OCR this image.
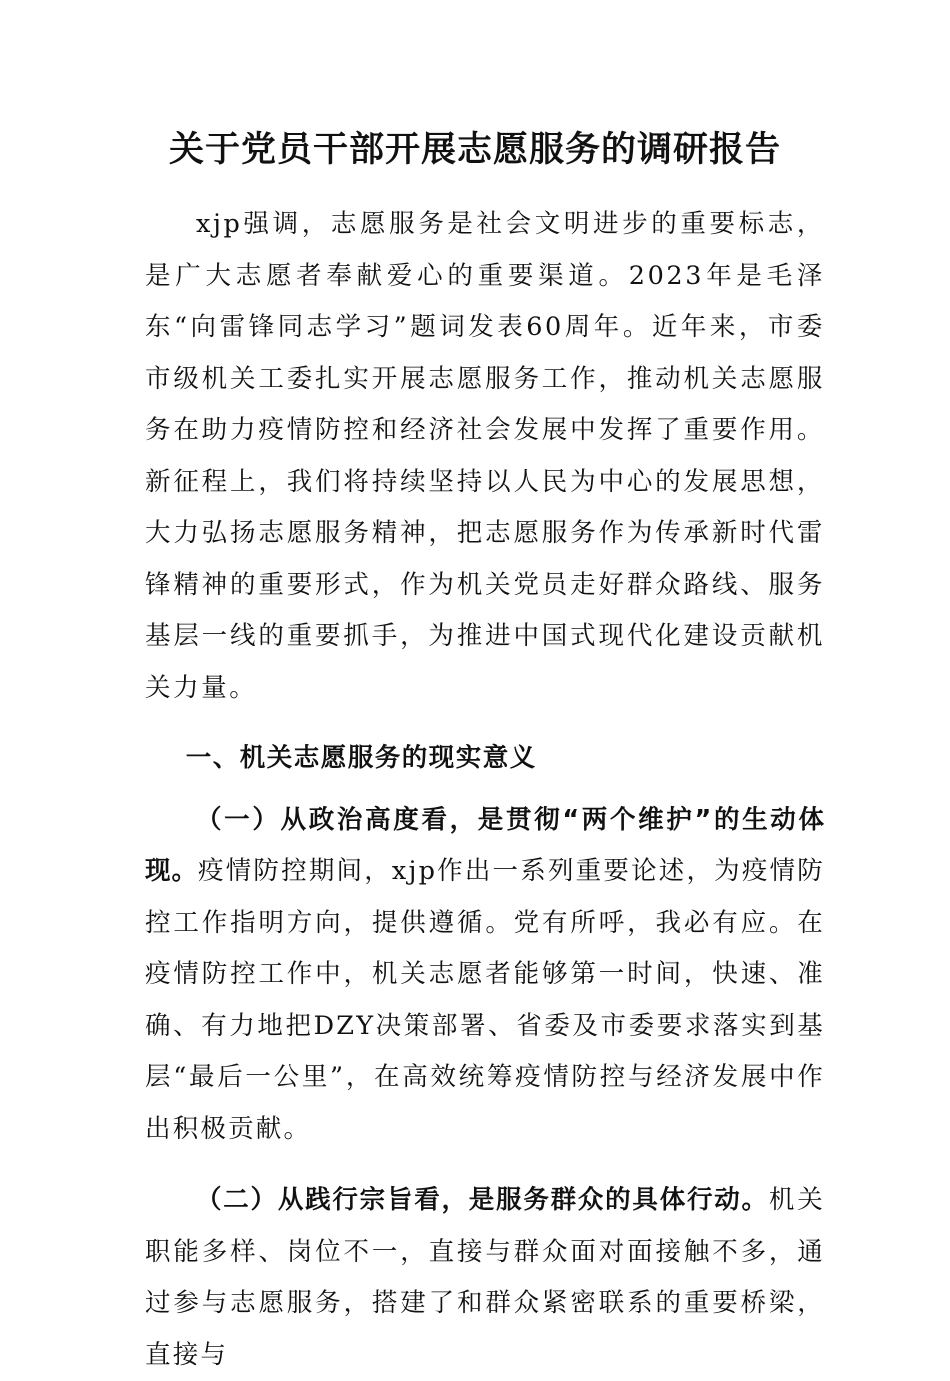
关于党员干部开展志愿服务的调研报告

xjp强调，志愿服务是社会文明进步的重要标志，是广大志愿者奉献爱心的重要渠道。2023年是毛泽东“向雷锋同志学习”题词发表60周年。近年来，市委市级机关工委扎实开展志愿服务工作，推动机关志愿服务在助力疫情防控和经济社会发展中发挥了重要作用。新征程上，我们将持续坚持以人民为中心的发展思想，大力弘扬志愿服务精神，把志愿服务作为传承新时代雷锋精神的重要形式，作为机关党员走好群众路线、服务基层一线的重要抓手，为推进中国式现代化建设贡献机关力量。

一、机关志愿服务的现实意义

（一）从政治高度看，是贯彻“两个维护”的生动体现。疫情防控期间，xjp作出一系列重要论述，为疫情防控工作指明方向，提供遵循。党有所呼，我必有应。在疫情防控工作中，机关志愿者能够第一时间，快速、准确、有力地把DZY决策部署、省委及市委要求落实到基层“最后一公里”，在高效统筹疫情防控与经济发展中作出积极贡献。

（二）从践行宗旨看，是服务群众的具体行动。机关职能多样、岗位不一，直接与群众面对面接触不多，通过参与志愿服务，搭建了和群众紧密联系的重要桥梁，直接与
